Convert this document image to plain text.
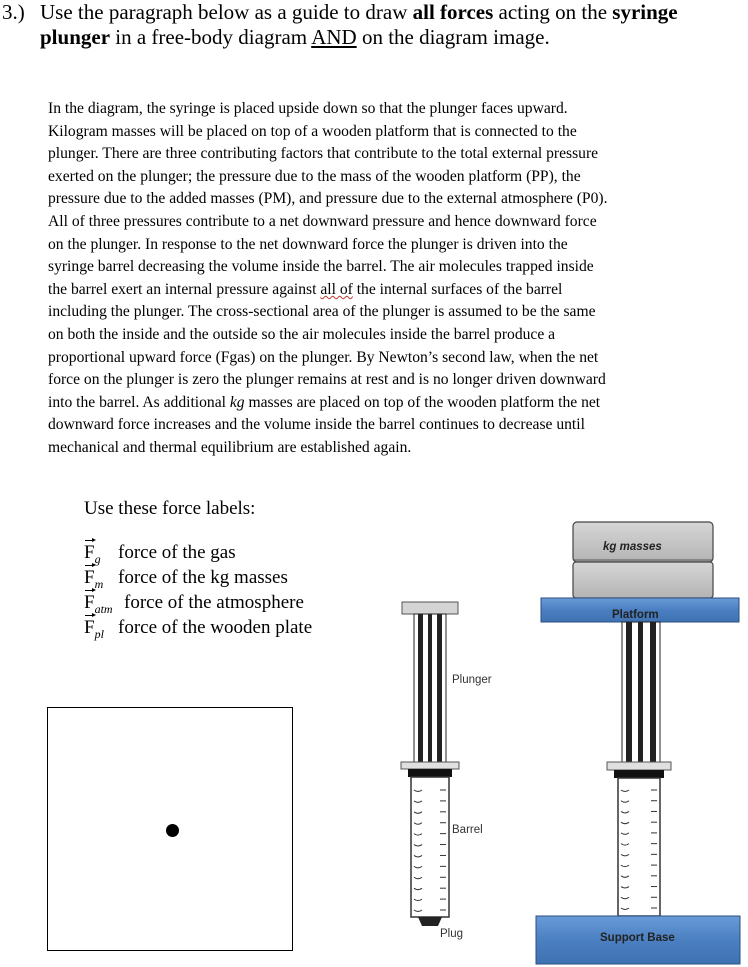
3.) Use the paragraph below as a guide to draw all forces acting on the syringe plunger in a free-body diagram AND on the diagram image.
In the diagram, the syringe is placed upside down so that the plunger faces upward.
Kilogram masses will be placed on top of a wooden platform that is connected to the
plunger. There are three contributing factors that contribute to the total external pressure
exerted on the plunger; the pressure due to the mass of the wooden platform (PP), the
pressure due to the added masses (PM), and pressure due to the external atmosphere (P0).
All of three pressures contribute to a net downward pressure and hence downward force
on the plunger. In response to the net downward force the plunger is driven into the
syringe barrel decreasing the volume inside the barrel. The air molecules trapped inside
the barrel exert an internal pressure against all of the internal surfaces of the barrel
including the plunger. The cross-sectional area of the plunger is assumed to be the same
on both the inside and the outside so the air molecules inside the barrel produce a
proportional upward force (Fgas) on the plunger. By Newton’s second law, when the net
force on the plunger is zero the plunger remains at rest and is no longer driven downward
into the barrel. As additional kg masses are placed on top of the wooden platform the net
downward force increases and the volume inside the barrel continues to decrease until
mechanical and thermal equilibrium are established again.
Use these force labels:
$F_g$ force of the gas
$F_m$ force of the kg masses
$F_{atm}$ force of the atmosphere
$F_{pl}$ force of the wooden plate
Plunger
Barrel
Plug
kg masses
Platform
Support Base
